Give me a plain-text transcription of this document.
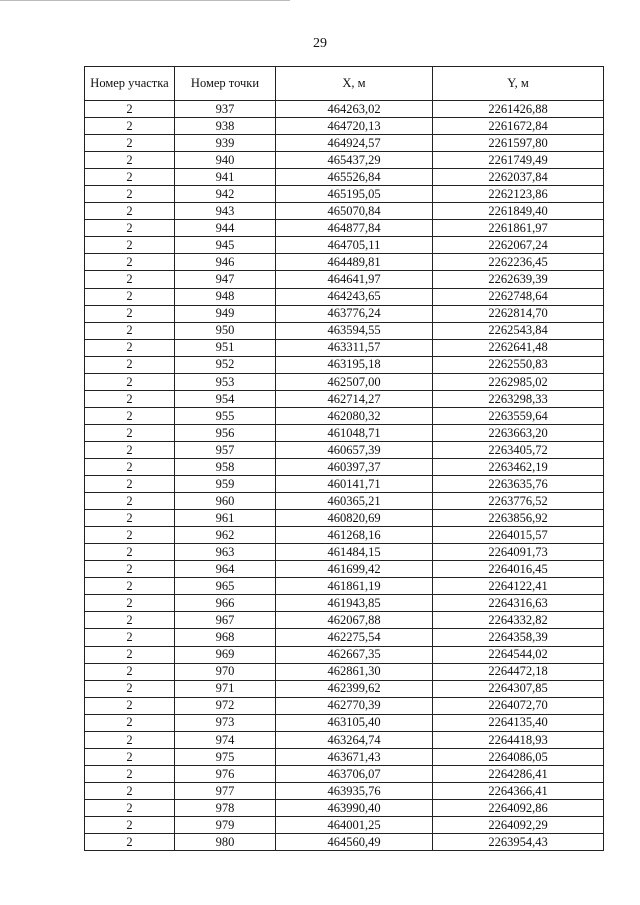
29
Номер участка	Номер точки	X, м	Y, м
2	937	464263,02	2261426,88
2	938	464720,13	2261672,84
2	939	464924,57	2261597,80
2	940	465437,29	2261749,49
2	941	465526,84	2262037,84
2	942	465195,05	2262123,86
2	943	465070,84	2261849,40
2	944	464877,84	2261861,97
2	945	464705,11	2262067,24
2	946	464489,81	2262236,45
2	947	464641,97	2262639,39
2	948	464243,65	2262748,64
2	949	463776,24	2262814,70
2	950	463594,55	2262543,84
2	951	463311,57	2262641,48
2	952	463195,18	2262550,83
2	953	462507,00	2262985,02
2	954	462714,27	2263298,33
2	955	462080,32	2263559,64
2	956	461048,71	2263663,20
2	957	460657,39	2263405,72
2	958	460397,37	2263462,19
2	959	460141,71	2263635,76
2	960	460365,21	2263776,52
2	961	460820,69	2263856,92
2	962	461268,16	2264015,57
2	963	461484,15	2264091,73
2	964	461699,42	2264016,45
2	965	461861,19	2264122,41
2	966	461943,85	2264316,63
2	967	462067,88	2264332,82
2	968	462275,54	2264358,39
2	969	462667,35	2264544,02
2	970	462861,30	2264472,18
2	971	462399,62	2264307,85
2	972	462770,39	2264072,70
2	973	463105,40	2264135,40
2	974	463264,74	2264418,93
2	975	463671,43	2264086,05
2	976	463706,07	2264286,41
2	977	463935,76	2264366,41
2	978	463990,40	2264092,86
2	979	464001,25	2264092,29
2	980	464560,49	2263954,43
